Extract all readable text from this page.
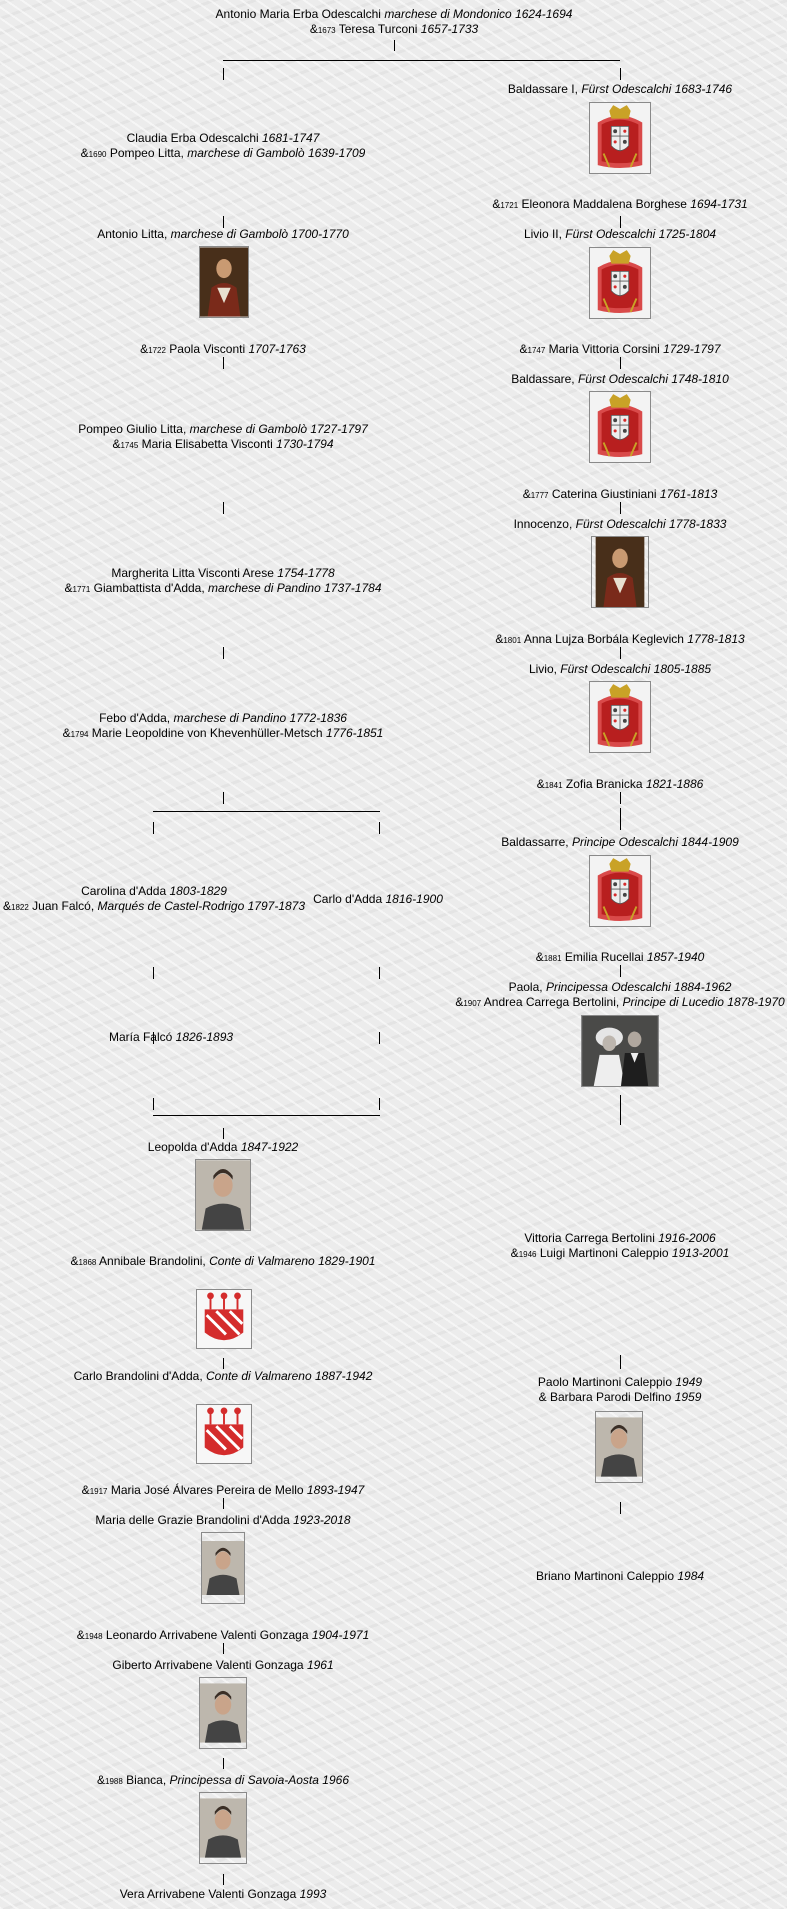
Antonio Maria Erba Odescalchi marchese di Mondonico 1624-1694
&1673 Teresa Turconi 1657-1733
Baldassare I, Fürst Odescalchi 1683-1746
Claudia Erba Odescalchi 1681-1747
&1690 Pompeo Litta, marchese di Gambolò 1639-1709
&1721 Eleonora Maddalena Borghese 1694-1731
Antonio Litta, marchese di Gambolò 1700-1770	Livio II, Fürst Odescalchi 1725-1804
&1722 Paola Visconti 1707-1763	&1747 Maria Vittoria Corsini 1729-1797
Baldassare, Fürst Odescalchi 1748-1810
Pompeo Giulio Litta, marchese di Gambolò 1727-1797
&1745 Maria Elisabetta Visconti 1730-1794
&1777 Caterina Giustiniani 1761-1813
Innocenzo, Fürst Odescalchi 1778-1833
Margherita Litta Visconti Arese 1754-1778
&1771 Giambattista d'Adda, marchese di Pandino 1737-1784
&1801 Anna Lujza Borbála Keglevich 1778-1813
Livio, Fürst Odescalchi 1805-1885
Febo d'Adda, marchese di Pandino 1772-1836
&1794 Marie Leopoldine von Khevenhüller-Metsch 1776-1851
&1841 Zofia Branicka 1821-1886
Baldassarre, Principe Odescalchi 1844-1909
Carolina d'Adda 1803-1829
&1822 Juan Falcó, Marqués de Castel-Rodrigo 1797-1873 Carlo d'Adda 1816-1900
&1881 Emilia Rucellai 1857-1940
Paola, Principessa Odescalchi 1884-1962
&1907 Andrea Carrega Bertolini, Principe di Lucedio 1878-1970
María Falcó 1826-1893
Leopolda d'Adda 1847-1922
Vittoria Carrega Bertolini 1916-2006
&1946 Luigi Martinoni Caleppio 1913-2001
&1868 Annibale Brandolini, Conte di Valmareno 1829-1901
Carlo Brandolini d'Adda, Conte di Valmareno 1887-1942	Paolo Martinoni Caleppio 1949
& Barbara Parodi Delfino 1959
&1917 Maria José Álvares Pereira de Mello 1893-1947
Maria delle Grazie Brandolini d'Adda 1923-2018
Briano Martinoni Caleppio 1984
&1948 Leonardo Arrivabene Valenti Gonzaga 1904-1971
Giberto Arrivabene Valenti Gonzaga 1961
&1988 Bianca, Principessa di Savoia-Aosta 1966
Vera Arrivabene Valenti Gonzaga 1993
